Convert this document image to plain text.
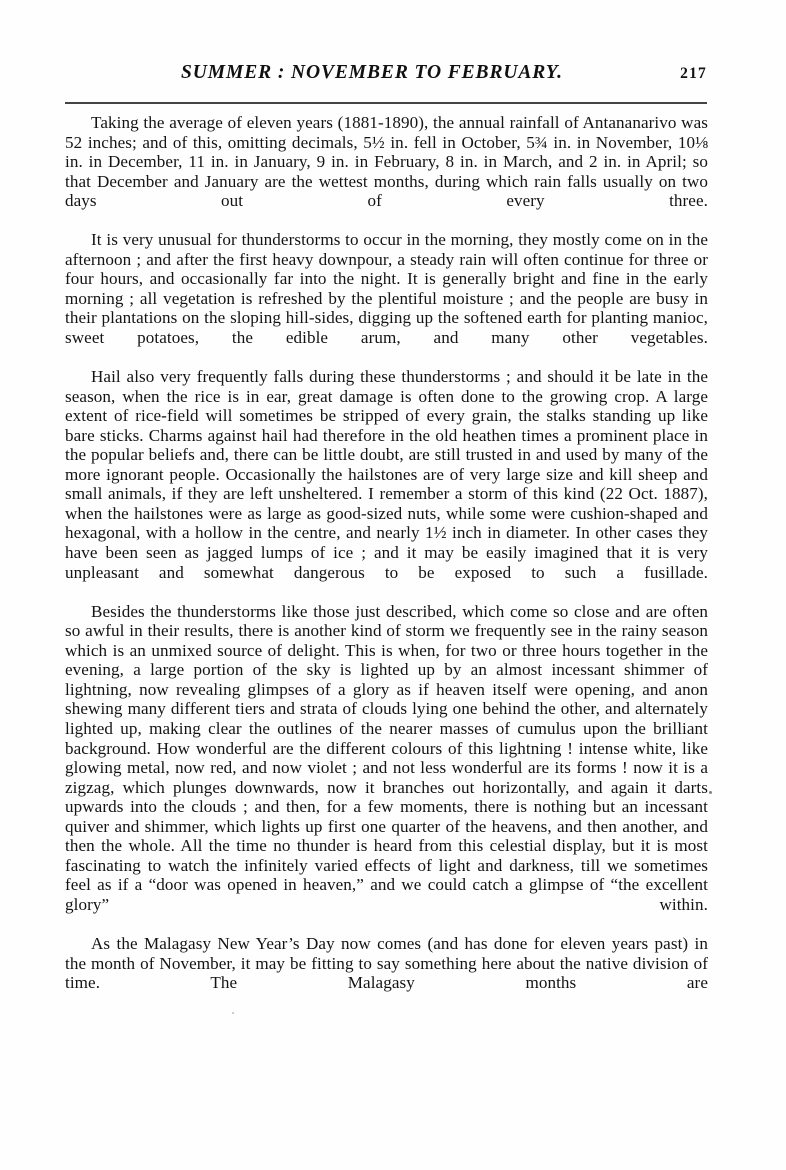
SUMMER : NOVEMBER TO FEBRUARY.	217

Taking the average of eleven years (1881-1890), the annual rainfall of Antananarivo was 52 inches; and of this, omitting decimals, 5½ in. fell in October, 5¾ in. in November, 10⅛ in. in December, 11 in. in January, 9 in. in February, 8 in. in March, and 2 in. in April; so that December and January are the wettest months, during which rain falls usually on two days out of every three.

It is very unusual for thunderstorms to occur in the morning, they mostly come on in the afternoon ; and after the first heavy downpour, a steady rain will often continue for three or four hours, and occasionally far into the night. It is generally bright and fine in the early morning ; all vegetation is refreshed by the plentiful moisture ; and the people are busy in their plantations on the sloping hill-sides, digging up the softened earth for planting manioc, sweet potatoes, the edible arum, and many other vegetables.

Hail also very frequently falls during these thunderstorms ; and should it be late in the season, when the rice is in ear, great damage is often done to the growing crop. A large extent of rice-field will sometimes be stripped of every grain, the stalks standing up like bare sticks. Charms against hail had therefore in the old heathen times a prominent place in the popular beliefs and, there can be little doubt, are still trusted in and used by many of the more ignorant people. Occasionally the hailstones are of very large size and kill sheep and small animals, if they are left unsheltered. I remember a storm of this kind (22 Oct. 1887), when the hailstones were as large as good-sized nuts, while some were cushion-shaped and hexagonal, with a hollow in the centre, and nearly 1½ inch in diameter. In other cases they have been seen as jagged lumps of ice ; and it may be easily imagined that it is very unpleasant and somewhat dangerous to be exposed to such a fusillade.

Besides the thunderstorms like those just described, which come so close and are often so awful in their results, there is another kind of storm we frequently see in the rainy season which is an unmixed source of delight. This is when, for two or three hours together in the evening, a large portion of the sky is lighted up by an almost incessant shimmer of lightning, now revealing glimpses of a glory as if heaven itself were opening, and anon shewing many different tiers and strata of clouds lying one behind the other, and alternately lighted up, making clear the outlines of the nearer masses of cumulus upon the brilliant background. How wonderful are the different colours of this lightning ! intense white, like glowing metal, now red, and now violet ; and not less wonderful are its forms ! now it is a zigzag, which plunges downwards, now it branches out horizontally, and again it darts upwards into the clouds ; and then, for a few moments, there is nothing but an incessant quiver and shimmer, which lights up first one quarter of the heavens, and then another, and then the whole. All the time no thunder is heard from this celestial display, but it is most fascinating to watch the infinitely varied effects of light and darkness, till we sometimes feel as if a “door was opened in heaven,” and we could catch a glimpse of “the excellent glory” within.

As the Malagasy New Year’s Day now comes (and has done for eleven years past) in the month of November, it may be fitting to say something here about the native division of time. The Malagasy months are
